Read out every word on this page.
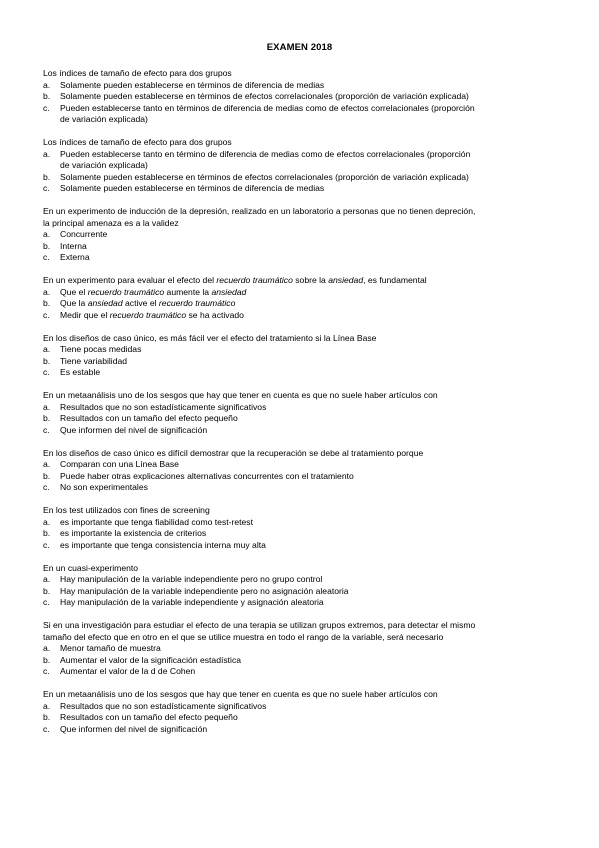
EXAMEN 2018
Los índices de tamaño de efecto para dos grupos
a.	Solamente pueden establecerse en términos de diferencia de medias
b.	Solamente pueden establecerse en términos de efectos correlacionales (proporción de variación explicada)
c.	Pueden establecerse tanto en términos de diferencia de medias como de efectos correlacionales (proporción
de variación explicada)
Los índices de tamaño de efecto para dos grupos
a.	Pueden establecerse tanto en término de diferencia de medias como de efectos correlacionales (proporción
de variación explicada)
b.	Solamente pueden establecerse en términos de efectos correlacionales (proporción de variación explicada)
c.	Solamente pueden establecerse en términos de diferencia de medias
En un experimento de inducción de la depresión, realizado en un laboratorio a personas que no tienen depreción,
la principal amenaza es a la validez
a.	Concurrente
b.	Interna
c.	Externa
En un experimento para evaluar el efecto del recuerdo traumático sobre la ansiedad, es fundamental
a.	Que el recuerdo traumático aumente la ansiedad
b.	Que la ansiedad active el recuerdo traumático
c.	Medir que el recuerdo traumático se ha activado
En los diseños de caso único, es más fácil ver el efecto del tratamiento si la Línea Base
a.	Tiene pocas medidas
b.	Tiene variabilidad
c.	Es estable
En un metaanálisis uno de los sesgos que hay que tener en cuenta es que no suele haber artículos con
a.	Resultados que no son estadísticamente significativos
b.	Resultados con un tamaño del efecto pequeño
c.	Que informen del nivel de significación
En los diseños de caso único es difícil demostrar que la recuperación se debe al tratamiento porque
a.	Comparan con una Línea Base
b.	Puede haber otras explicaciones alternativas concurrentes con el tratamiento
c.	No son experimentales
En los test utilizados con fines de screening
a.	es importante que tenga fiabilidad como test-retest
b.	es importante la existencia de criterios
c.	es importante que tenga consistencia interna muy alta
En un cuasi-experimento
a.	Hay manipulación de la variable independiente pero no grupo control
b.	Hay manipulación de la variable independiente pero no asignación aleatoria
c.	Hay manipulación de la variable independiente y asignación aleatoria
Si en una investigación para estudiar el efecto de una terapia se utilizan grupos extremos, para detectar el mismo
tamaño del efecto que en otro en el que se utilice muestra en todo el rango de la variable, será necesario
a.	Menor tamaño de muestra
b.	Aumentar el valor de la significación estadística
c.	Aumentar el valor de la d de Cohen
En un metaanálisis uno de los sesgos que hay que tener en cuenta es que no suele haber artículos con
a.	Resultados que no son estadísticamente significativos
b.	Resultados con un tamaño del efecto pequeño
c.	Que informen del nivel de significación
